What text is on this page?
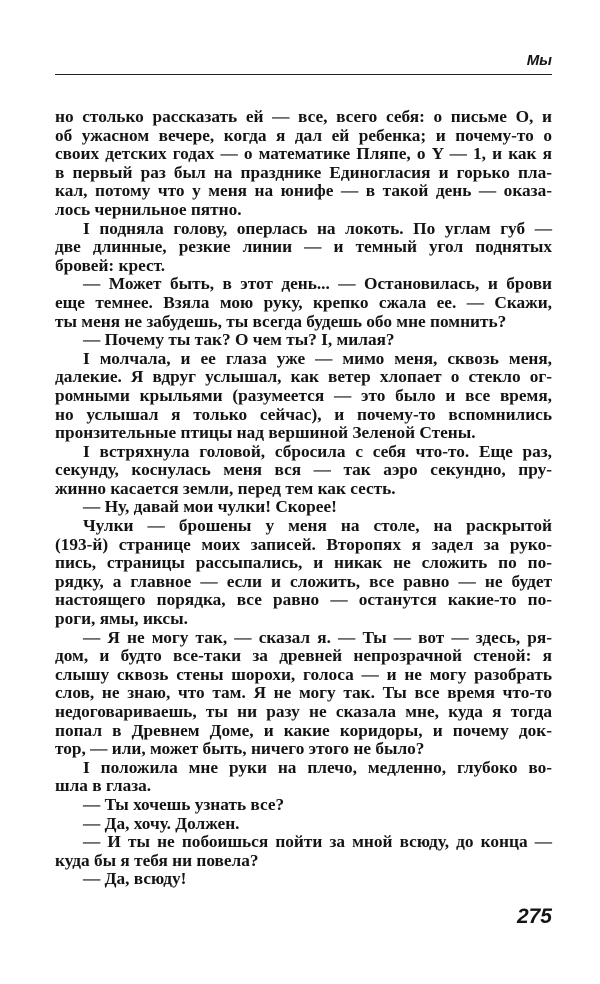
Мы
но столько рассказать ей — все, всего себя: о письме О, и
об ужасном вечере, когда я дал ей ребенка; и почему-то о
своих детских годах — о математике Пляпе, о Y — 1, и как я
в первый раз был на празднике Единогласия и горько пла-
кал, потому что у меня на юнифе — в такой день — оказа-
лось чернильное пятно.
I подняла голову, оперлась на локоть. По углам губ —
две длинные, резкие линии — и темный угол поднятых
бровей: крест.
— Может быть, в этот день... — Остановилась, и брови
еще темнее. Взяла мою руку, крепко сжала ее. — Скажи,
ты меня не забудешь, ты всегда будешь обо мне помнить?
— Почему ты так? О чем ты? I, милая?
I молчала, и ее глаза уже — мимо меня, сквозь меня,
далекие. Я вдруг услышал, как ветер хлопает о стекло ог-
ромными крыльями (разумеется — это было и все время,
но услышал я только сейчас), и почему-то вспомнились
пронзительные птицы над вершиной Зеленой Стены.
I встряхнула головой, сбросила с себя что-то. Еще раз,
секунду, коснулась меня вся — так аэро секундно, пру-
жинно касается земли, перед тем как сесть.
— Ну, давай мои чулки! Скорее!
Чулки — брошены у меня на столе, на раскрытой
(193-й) странице моих записей. Второпях я задел за руко-
пись, страницы рассыпались, и никак не сложить по по-
рядку, а главное — если и сложить, все равно — не будет
настоящего порядка, все равно — останутся какие-то по-
роги, ямы, иксы.
— Я не могу так, — сказал я. — Ты — вот — здесь, ря-
дом, и будто все-таки за древней непрозрачной стеной: я
слышу сквозь стены шорохи, голоса — и не могу разобрать
слов, не знаю, что там. Я не могу так. Ты все время что-то
недоговариваешь, ты ни разу не сказала мне, куда я тогда
попал в Древнем Доме, и какие коридоры, и почему док-
тор, — или, может быть, ничего этого не было?
I положила мне руки на плечо, медленно, глубоко во-
шла в глаза.
— Ты хочешь узнать все?
— Да, хочу. Должен.
— И ты не побоишься пойти за мной всюду, до конца —
куда бы я тебя ни повела?
— Да, всюду!
275
